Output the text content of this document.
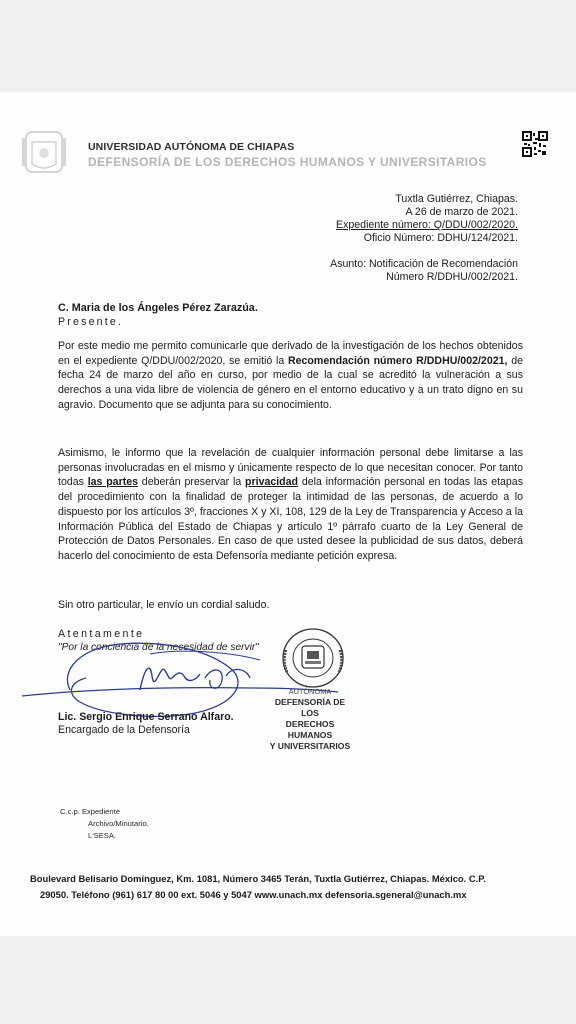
UNIVERSIDAD AUTÓNOMA DE CHIAPAS
DEFENSORÍA DE LOS DERECHOS HUMANOS Y UNIVERSITARIOS
Tuxtla Gutiérrez, Chiapas.
A 26 de marzo de 2021.
Expediente número: Q/DDU/002/2020.
Oficio Número: DDHU/124/2021.
Asunto: Notificación de Recomendación
Número R/DDHU/002/2021.
C. Maria de los Ángeles Pérez Zarazúa.
Presente.
Por este medio me permito comunicarle que derivado de la investigación de los hechos obtenidos en el expediente Q/DDU/002/2020, se emitió la Recomendación número R/DDHU/002/2021, de fecha 24 de marzo del año en curso, por medio de la cual se acreditó la vulneración a sus derechos a una vida libre de violencia de género en el entorno educativo y a un trato digno en su agravio. Documento que se adjunta para su conocimiento.
Asimismo, le informo que la revelación de cualquier información personal debe limitarse a las personas involucradas en el mismo y únicamente respecto de lo que necesitan conocer. Por tanto todas las partes deberán preservar la privacidad dela información personal en todas las etapas del procedimiento con la finalidad de proteger la intimidad de las personas, de acuerdo a lo dispuesto por los artículos 3º, fracciones X y XI, 108, 129 de la Ley de Transparencia y Acceso a la Información Pública del Estado de Chiapas y artículo 1º párrafo cuarto de la Ley General de Protección de Datos Personales. En caso de que usted desee la publicidad de sus datos, deberá hacerlo del conocimiento de esta Defensoría mediante petición expresa.
Sin otro particular, le envío un cordial saludo.
Atentamente
"Por la conciencia de la necesidad de servir"
AUTÓNOMA
DEFENSORÍA DE LOS
DERECHOS HUMANOS
Y UNIVERSITARIOS
Lic. Sergio Enrique Serrano Alfaro.
Encargado de la Defensoría
C.c.p. Expediente
Archivo/Minutario.
L'SESA.
Boulevard Belisario Domínguez, Km. 1081, Número 3465 Terán, Tuxtla Gutiérrez, Chiapas. México. C.P.
29050. Teléfono (961) 617 80 00 ext. 5046 y 5047 www.unach.mx defensoria.sgeneral@unach.mx
